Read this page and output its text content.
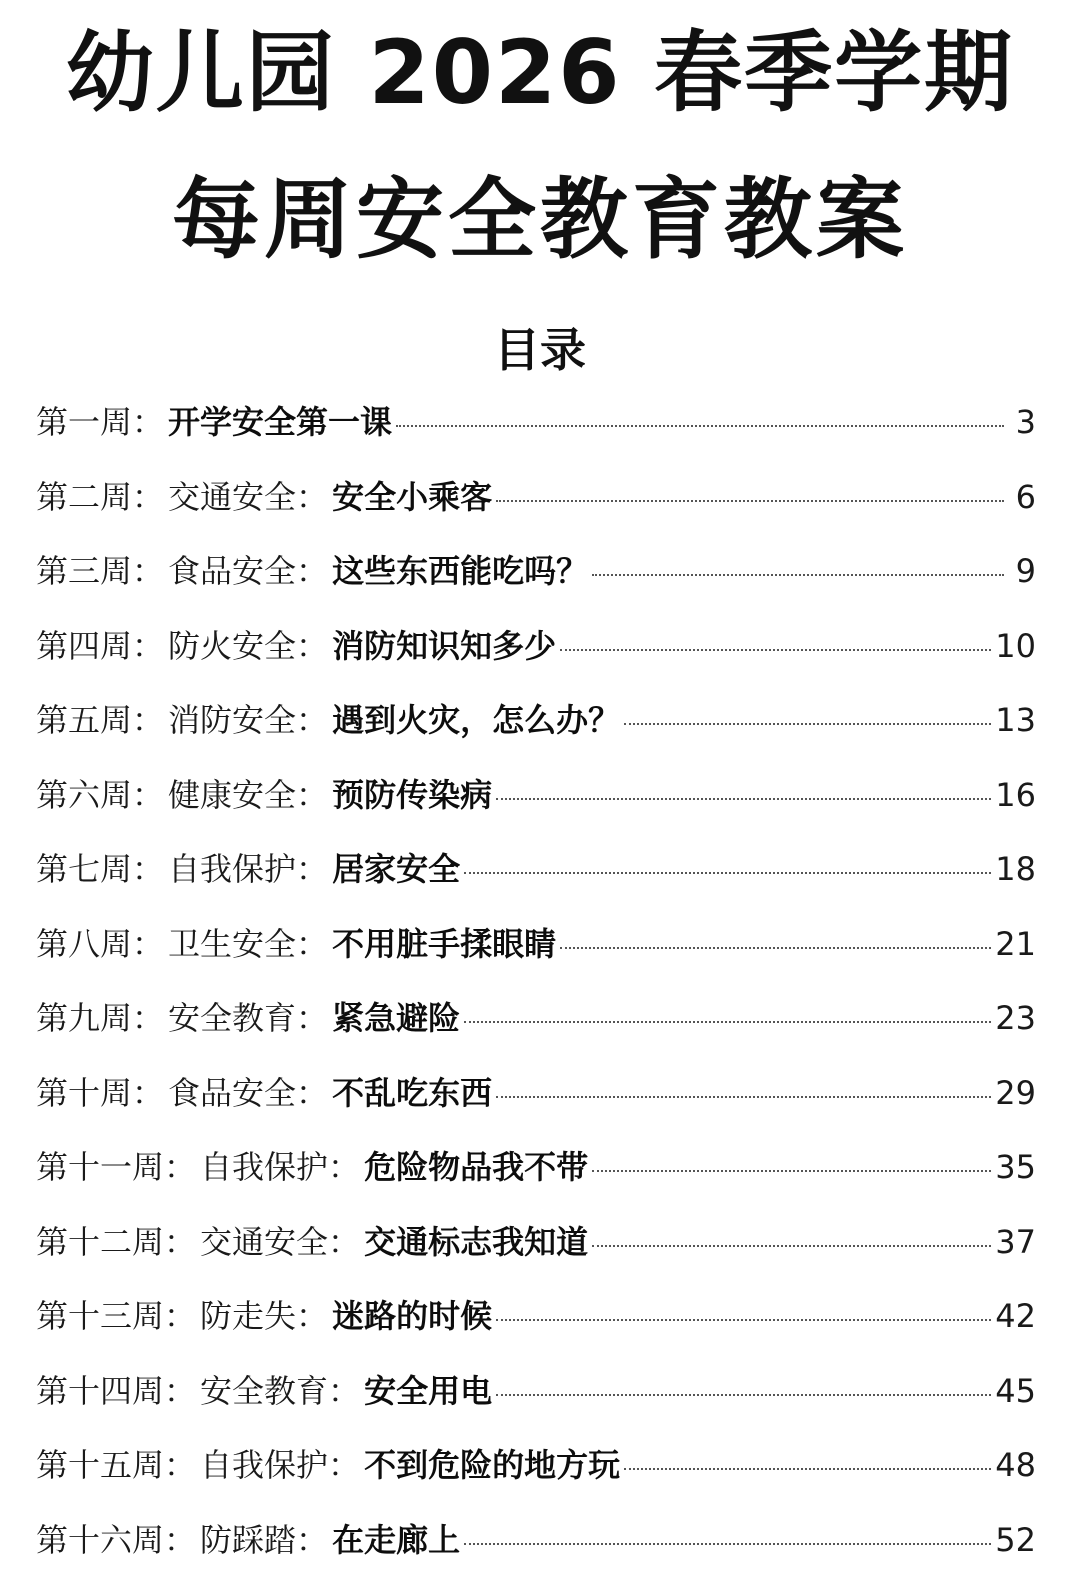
幼儿园 2026 春季学期
每周安全教育教案
目录
第一周 ： 开学安全第一课	3
第二周 ： 交通安全 ： 安全小乘客	6
第三周 ： 食品安全 ： 这些东西能吃吗？	9
第四周 ： 防火安全 ： 消防知识知多少	10
第五周 ： 消防安全 ： 遇到火灾，怎么办？	13
第六周 ： 健康安全 ： 预防传染病	16
第七周 ： 自我保护 ： 居家安全	18
第八周 ： 卫生安全 ： 不用脏手揉眼睛	21
第九周 ： 安全教育 ： 紧急避险	23
第十周 ： 食品安全 ： 不乱吃东西	29
第十一周 ： 自我保护 ： 危险物品我不带	35
第十二周 ： 交通安全 ： 交通标志我知道	37
第十三周 ： 防走失 ： 迷路的时候	42
第十四周 ： 安全教育 ： 安全用电	45
第十五周 ： 自我保护 ： 不到危险的地方玩	48
第十六周 ： 防踩踏 ： 在走廊上	52
